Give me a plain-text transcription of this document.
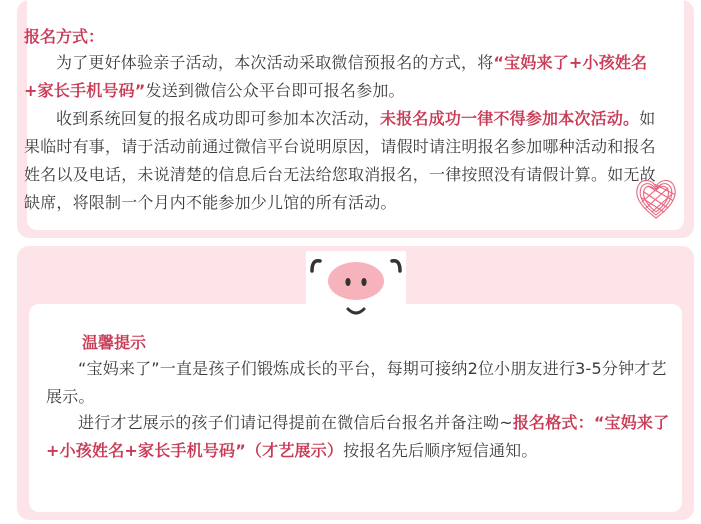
报名方式：

为了更好体验亲子活动，本次活动采取微信预报名的方式，将“宝妈来了+小孩姓名+家长手机号码”发送到微信公众平台即可报名参加。

收到系统回复的报名成功即可参加本次活动，未报名成功一律不得参加本次活动。如果临时有事，请于活动前通过微信平台说明原因，请假时请注明报名参加哪种活动和报名姓名以及电话，未说清楚的信息后台无法给您取消报名，一律按照没有请假计算。如无故缺席，将限制一个月内不能参加少儿馆的所有活动。

温馨提示

“宝妈来了”一直是孩子们锻炼成长的平台，每期可接纳2位小朋友进行3-5分钟才艺展示。

进行才艺展示的孩子们请记得提前在微信后台报名并备注呦~报名格式：“宝妈来了+小孩姓名+家长手机号码”（才艺展示）按报名先后顺序短信通知。
